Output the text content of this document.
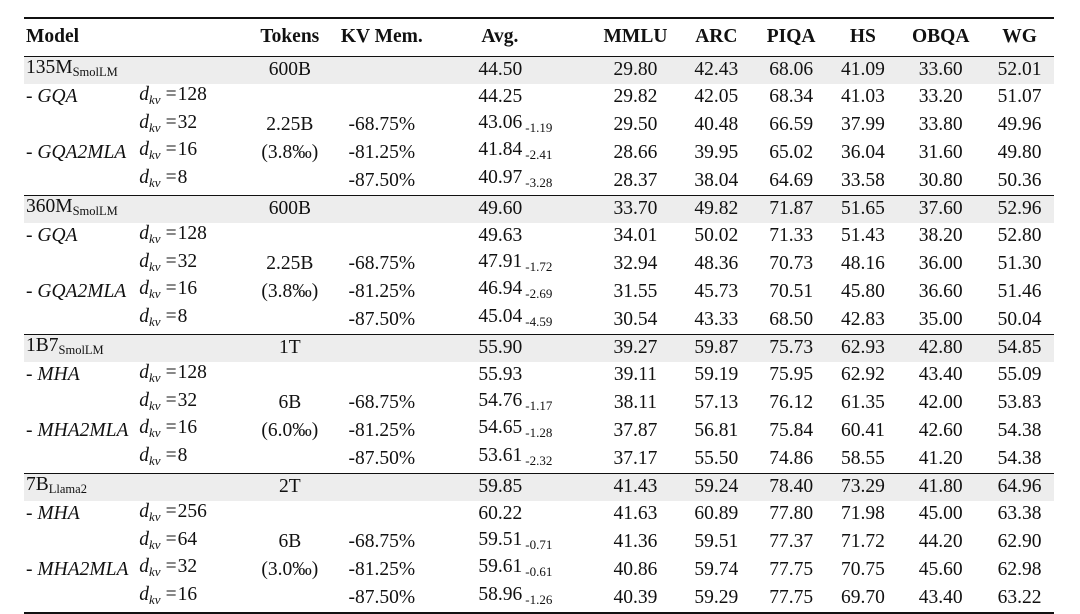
Model		Tokens	KV Mem.	Avg.	MMLU	ARC	PIQA	HS	OBQA	WG
$135M_{SmolLM}$		600B		44.50	29.80	42.43	68.06	41.09	33.60	52.01
- GQA	$d_{kv} =128$			44.25	29.82	42.05	68.34	41.03	33.20	51.07
	$d_{kv} =32$	2.25B	-68.75%	43.06 $_{-1.19}$	29.50	40.48	66.59	37.99	33.80	49.96
- GQA2MLA	$d_{kv} =16$	(3.8‰)	-81.25%	41.84 $_{-2.41}$	28.66	39.95	65.02	36.04	31.60	49.80
	$d_{kv} =8$		-87.50%	40.97 $_{-3.28}$	28.37	38.04	64.69	33.58	30.80	50.36
$360M_{SmolLM}$		600B		49.60	33.70	49.82	71.87	51.65	37.60	52.96
- GQA	$d_{kv} =128$			49.63	34.01	50.02	71.33	51.43	38.20	52.80
	$d_{kv} =32$	2.25B	-68.75%	47.91 $_{-1.72}$	32.94	48.36	70.73	48.16	36.00	51.30
- GQA2MLA	$d_{kv} =16$	(3.8‰)	-81.25%	46.94 $_{-2.69}$	31.55	45.73	70.51	45.80	36.60	51.46
	$d_{kv} =8$		-87.50%	45.04 $_{-4.59}$	30.54	43.33	68.50	42.83	35.00	50.04
$1B7_{SmolLM}$		1T		55.90	39.27	59.87	75.73	62.93	42.80	54.85
- MHA	$d_{kv} =128$			55.93	39.11	59.19	75.95	62.92	43.40	55.09
	$d_{kv} =32$	6B	-68.75%	54.76 $_{-1.17}$	38.11	57.13	76.12	61.35	42.00	53.83
- MHA2MLA	$d_{kv} =16$	(6.0‰)	-81.25%	54.65 $_{-1.28}$	37.87	56.81	75.84	60.41	42.60	54.38
	$d_{kv} =8$		-87.50%	53.61 $_{-2.32}$	37.17	55.50	74.86	58.55	41.20	54.38
$7B_{Llama2}$		2T		59.85	41.43	59.24	78.40	73.29	41.80	64.96
- MHA	$d_{kv} =256$			60.22	41.63	60.89	77.80	71.98	45.00	63.38
	$d_{kv} =64$	6B	-68.75%	59.51 $_{-0.71}$	41.36	59.51	77.37	71.72	44.20	62.90
- MHA2MLA	$d_{kv} =32$	(3.0‰)	-81.25%	59.61 $_{-0.61}$	40.86	59.74	77.75	70.75	45.60	62.98
	$d_{kv} =16$		-87.50%	58.96 $_{-1.26}$	40.39	59.29	77.75	69.70	43.40	63.22
